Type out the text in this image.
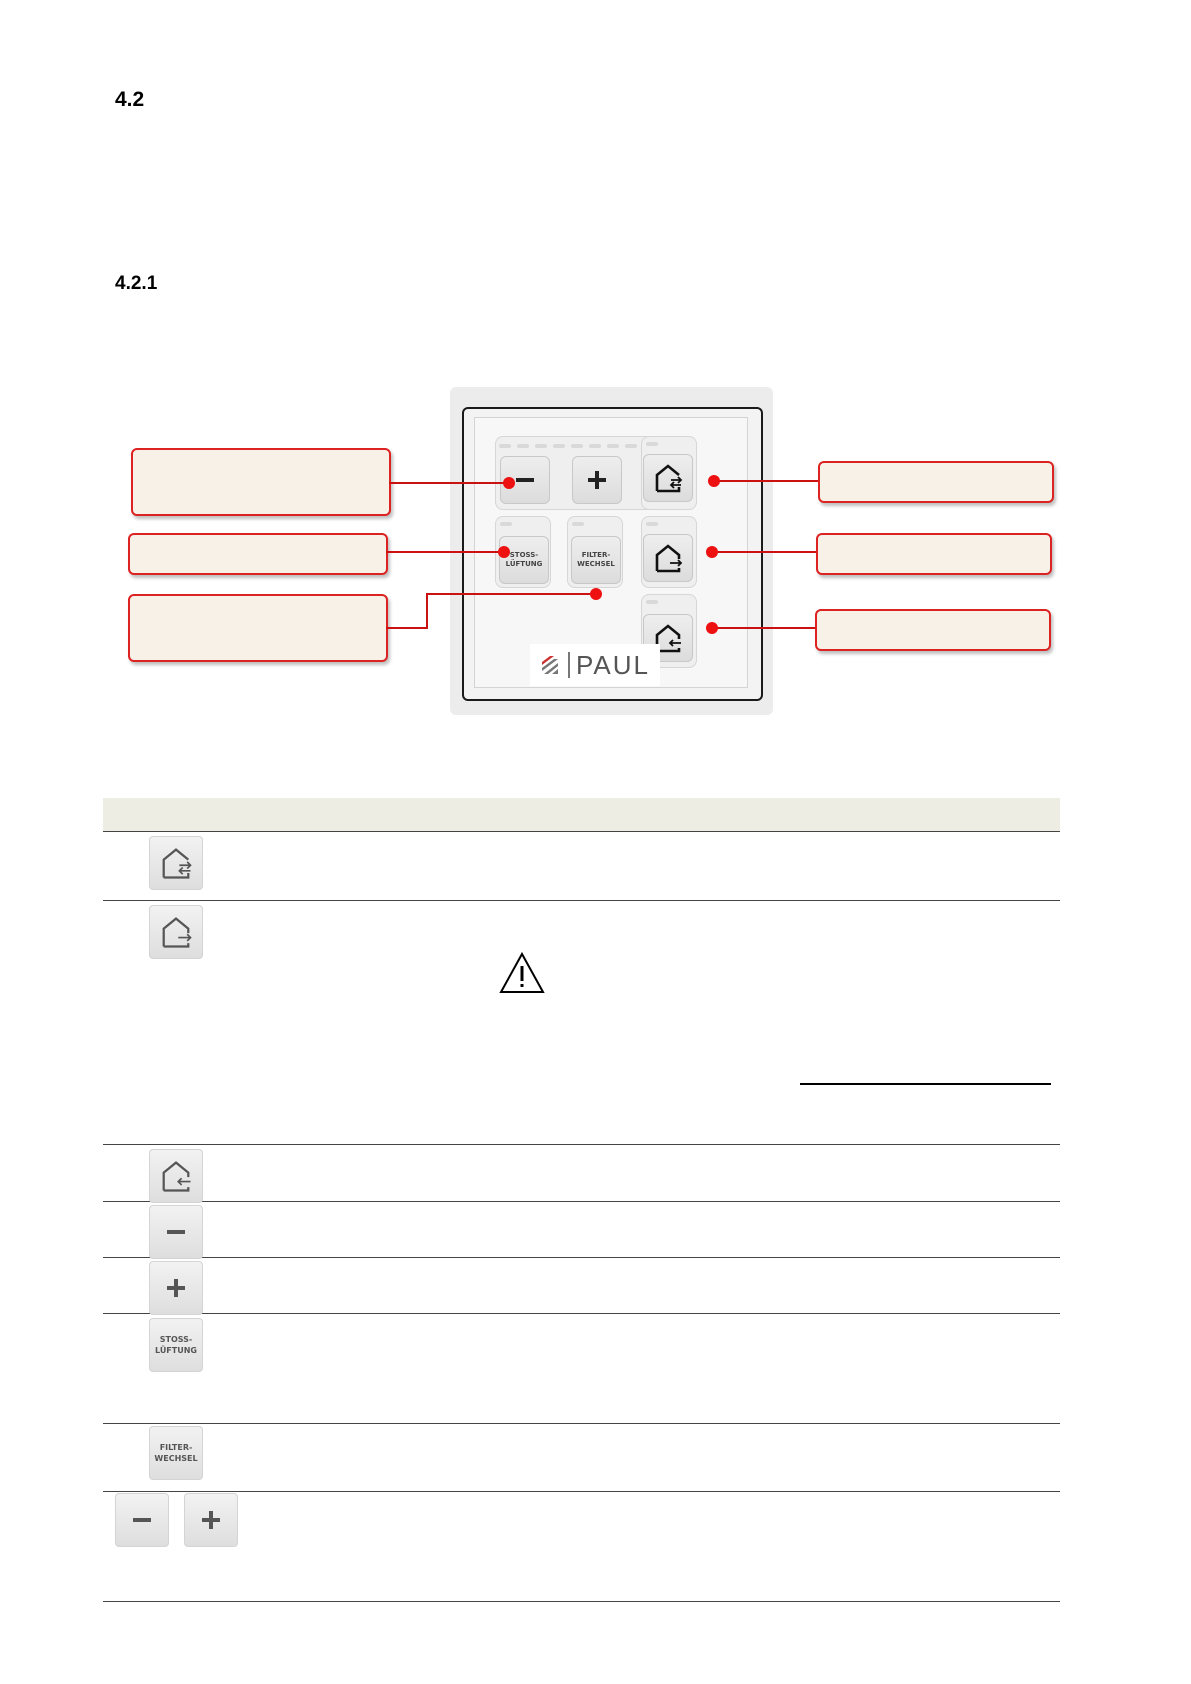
4.2
4.2.1
STOSS-
LÜFTUNG
FILTER-
WECHSEL
PAUL
STOSS-
LÜFTUNG
FILTER-
WECHSEL
